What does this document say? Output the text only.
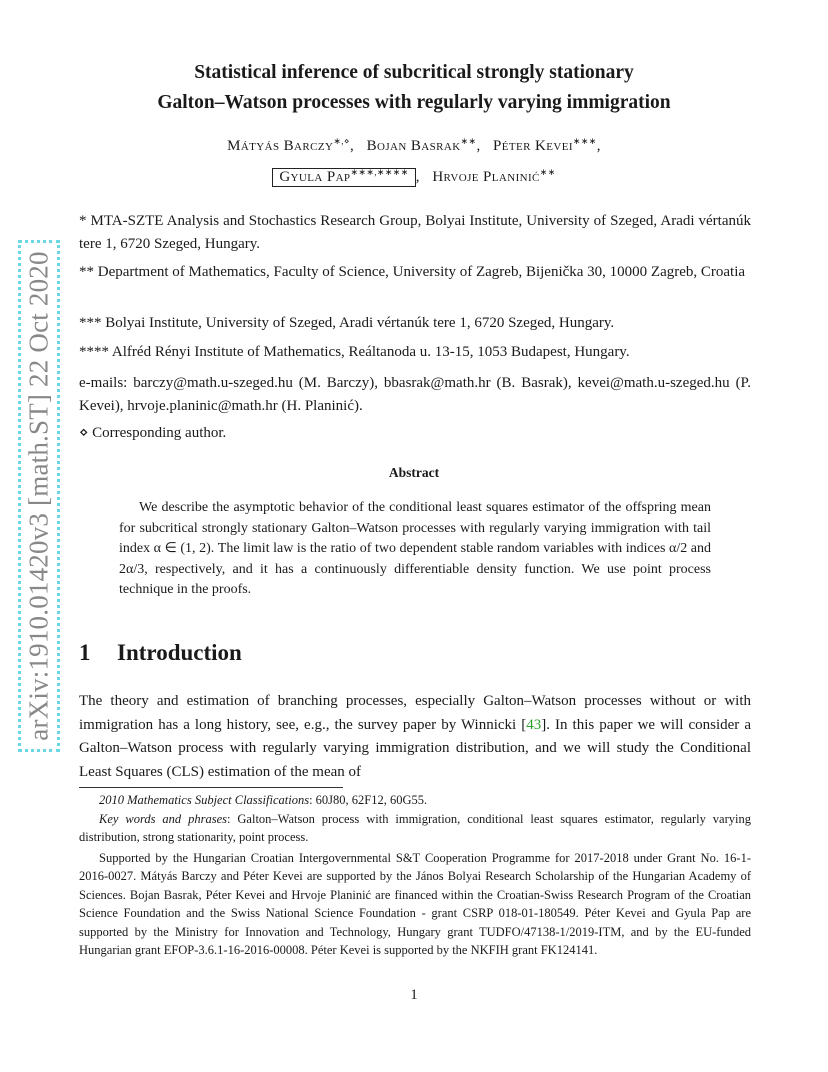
arXiv:1910.01420v3 [math.ST] 22 Oct 2020
Statistical inference of subcritical strongly stationary
Galton–Watson processes with regularly varying immigration
Mátyás Barczy∗,⋄,   Bojan Basrak∗∗,   Péter Kevei∗∗∗,
Gyula Pap∗∗∗,∗∗∗∗ ,   Hrvoje Planinić∗∗
* MTA-SZTE Analysis and Stochastics Research Group, Bolyai Institute, University of Szeged, Aradi vértanúk tere 1, 6720 Szeged, Hungary.
** Department of Mathematics, Faculty of Science, University of Zagreb, Bijenička 30, 10000 Zagreb, Croatia
*** Bolyai Institute, University of Szeged, Aradi vértanúk tere 1, 6720 Szeged, Hungary.
**** Alfréd Rényi Institute of Mathematics, Reáltanoda u. 13-15, 1053 Budapest, Hungary.
e-mails: barczy@math.u-szeged.hu (M. Barczy), bbasrak@math.hr (B. Basrak), kevei@math.u-szeged.hu (P. Kevei), hrvoje.planinic@math.hr (H. Planinić).
⋄ Corresponding author.
Abstract
We describe the asymptotic behavior of the conditional least squares estimator of the offspring mean for subcritical strongly stationary Galton–Watson processes with regularly varying immigration with tail index α ∈ (1, 2). The limit law is the ratio of two dependent stable random variables with indices α/2 and 2α/3, respectively, and it has a continuously differentiable density function. We use point process technique in the proofs.
1 Introduction
The theory and estimation of branching processes, especially Galton–Watson processes without or with immigration has a long history, see, e.g., the survey paper by Winnicki [43]. In this paper we will consider a Galton–Watson process with regularly varying immigration distribution, and we will study the Conditional Least Squares (CLS) estimation of the mean of

2010 Mathematics Subject Classifications: 60J80, 62F12, 60G55.

Key words and phrases: Galton–Watson process with immigration, conditional least squares estimator, regularly varying distribution, strong stationarity, point process.

Supported by the Hungarian Croatian Intergovernmental S&T Cooperation Programme for 2017-2018 under Grant No. 16-1-2016-0027. Mátyás Barczy and Péter Kevei are supported by the János Bolyai Research Scholarship of the Hungarian Academy of Sciences. Bojan Basrak, Péter Kevei and Hrvoje Planinić are financed within the Croatian-Swiss Research Program of the Croatian Science Foundation and the Swiss National Science Foundation - grant CSRP 018-01-180549. Péter Kevei and Gyula Pap are supported by the Ministry for Innovation and Technology, Hungary grant TUDFO/47138-1/2019-ITM, and by the EU-funded Hungarian grant EFOP-3.6.1-16-2016-00008. Péter Kevei is supported by the NKFIH grant FK124141.

1
